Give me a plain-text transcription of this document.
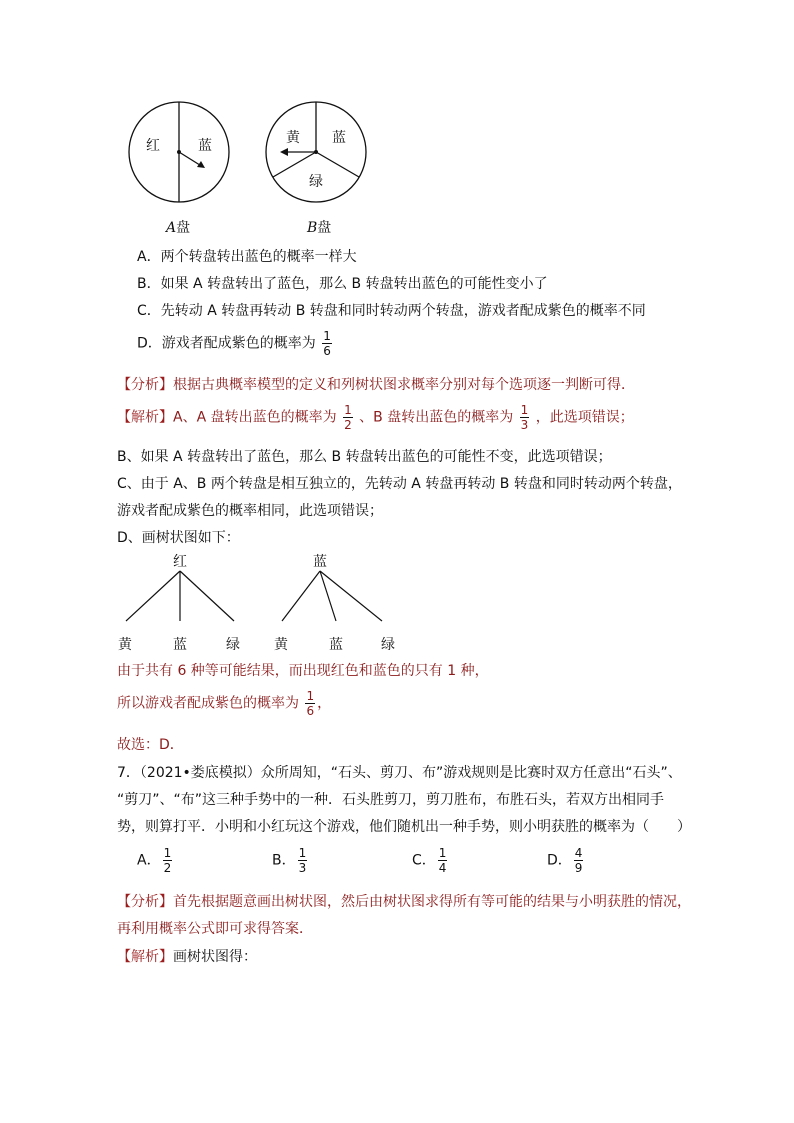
红	蓝	黄 蓝
绿
A盘	B盘
A．两个转盘转出蓝色的概率一样大
B．如果 A 转盘转出了蓝色，那么 B 转盘转出蓝色的可能性变小了
C．先转动 A 转盘再转动 B 转盘和同时转动两个转盘，游戏者配成紫色的概率不同
D．游戏者配成紫色的概率为 $\frac{1}{6}$
【分析】根据古典概率模型的定义和列树状图求概率分别对每个选项逐一判断可得．
【解析】A、A 盘转出蓝色的概率为 $\frac{1}{2}$ 、B 盘转出蓝色的概率为 $\frac{1}{3}$ ，此选项错误；
B、如果 A 转盘转出了蓝色，那么 B 转盘转出蓝色的可能性不变，此选项错误；
C、由于 A、B 两个转盘是相互独立的，先转动 A 转盘再转动 B 转盘和同时转动两个转盘，
游戏者配成紫色的概率相同，此选项错误；
D、画树状图如下：
红	蓝
黄	蓝	绿 黄	蓝	绿
由于共有 6 种等可能结果，而出现红色和蓝色的只有 1 种，
所以游戏者配成紫色的概率为 $\frac{1}{6}$ ，
故选：D．
7．（2021•娄底模拟）众所周知，“石头、剪刀、布”游戏规则是比赛时双方任意出“石头”、
“剪刀”、“布”这三种手势中的一种．石头胜剪刀，剪刀胜布，布胜石头，若双方出相同手
势，则算打平．小明和小红玩这个游戏，他们随机出一种手势，则小明获胜的概率为（　　）
A． $\frac{1}{2}$	B． $\frac{1}{3}$	C． $\frac{1}{4}$	D． $\frac{4}{9}$
【分析】首先根据题意画出树状图，然后由树状图求得所有等可能的结果与小明获胜的情况，
再利用概率公式即可求得答案．
【解析】画树状图得：
